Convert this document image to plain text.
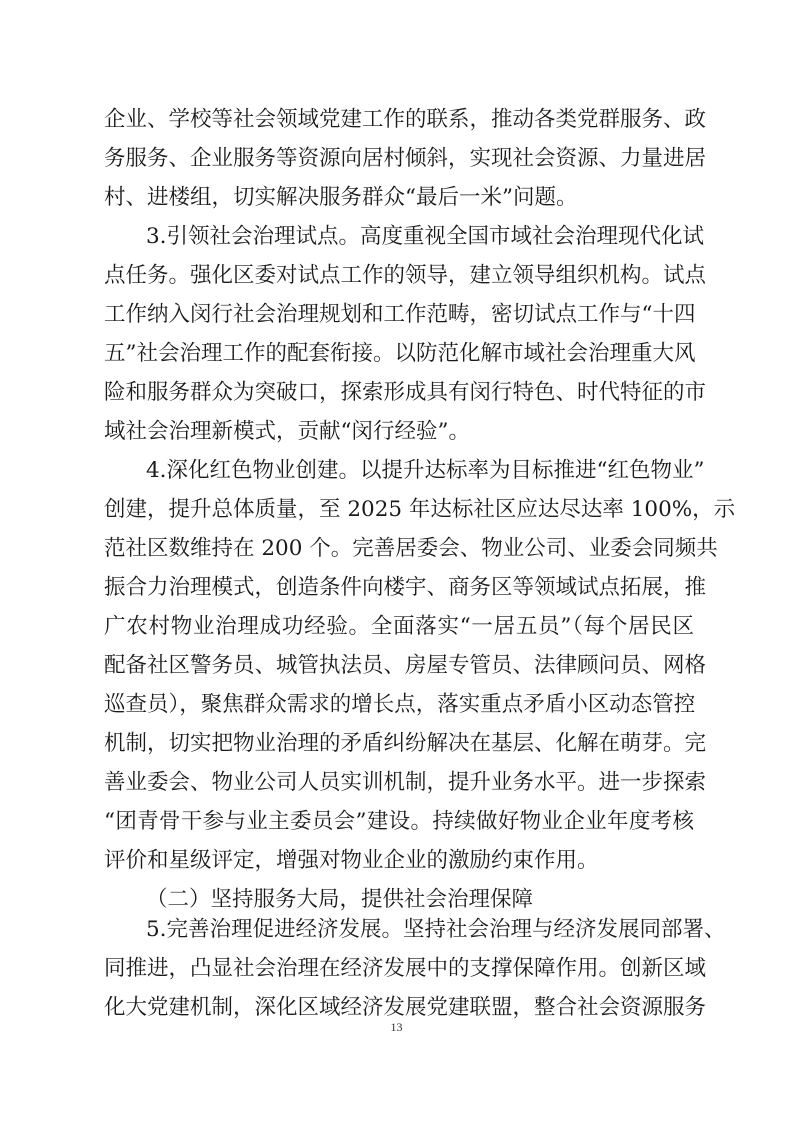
企业、学校等社会领域党建工作的联系，推动各类党群服务、政
务服务、企业服务等资源向居村倾斜，实现社会资源、力量进居
村、进楼组，切实解决服务群众“最后一米”问题。
3.引领社会治理试点。高度重视全国市域社会治理现代化试
点任务。强化区委对试点工作的领导，建立领导组织机构。试点
工作纳入闵行社会治理规划和工作范畴，密切试点工作与“十四
五”社会治理工作的配套衔接。以防范化解市域社会治理重大风
险和服务群众为突破口，探索形成具有闵行特色、时代特征的市
域社会治理新模式，贡献“闵行经验”。
4.深化红色物业创建。以提升达标率为目标推进“红色物业”
创建，提升总体质量，至 2025 年达标社区应达尽达率 100%，示
范社区数维持在 200 个。完善居委会、物业公司、业委会同频共
振合力治理模式，创造条件向楼宇、商务区等领域试点拓展，推
广农村物业治理成功经验。全面落实“一居五员”（每个居民区
配备社区警务员、城管执法员、房屋专管员、法律顾问员、网格
巡查员），聚焦群众需求的增长点，落实重点矛盾小区动态管控
机制，切实把物业治理的矛盾纠纷解决在基层、化解在萌芽。完
善业委会、物业公司人员实训机制，提升业务水平。进一步探索
“团青骨干参与业主委员会”建设。持续做好物业企业年度考核
评价和星级评定，增强对物业企业的激励约束作用。
（二）坚持服务大局，提供社会治理保障
5.完善治理促进经济发展。坚持社会治理与经济发展同部署、
同推进，凸显社会治理在经济发展中的支撑保障作用。创新区域
化大党建机制，深化区域经济发展党建联盟，整合社会资源服务
13
